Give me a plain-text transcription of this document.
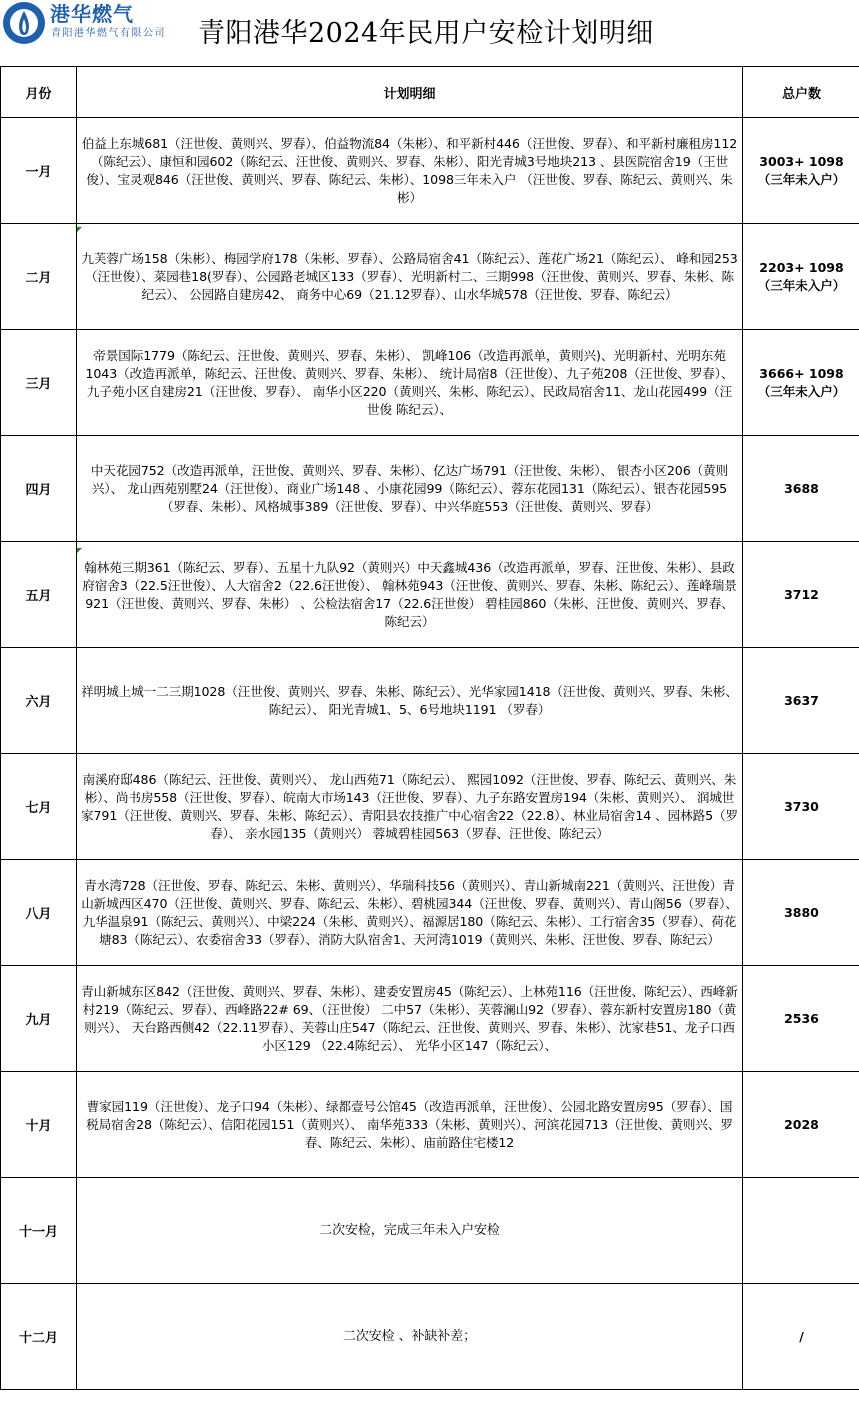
港华燃气
青阳港华燃气有限公司 青阳港华2024年民用户安检计划明细
月份	计划明细	总户数
一月	伯益上东城681（汪世俊、黄则兴、罗春）、伯益物流84（朱彬）、和平新村446（汪世俊、罗春）、和平新村廉租房112（陈纪云）、康恒和园602（陈纪云、汪世俊、黄则兴、罗春、朱彬）、阳光青城3号地块213 、县医院宿舍19（王世俊）、宝灵观846（汪世俊、黄则兴、罗春、陈纪云、朱彬）、1098三年未入户 （汪世俊、罗春、陈纪云、黄则兴、朱彬）	3003+ 1098（三年未入户）
二月	九芙蓉广场158（朱彬）、梅园学府178（朱彬、罗春）、公路局宿舍41（陈纪云）、莲花广场21（陈纪云）、 峰和园253（汪世俊）、菜园巷18(罗春）、公园路老城区133（罗春）、光明新村二、三期998（汪世俊、黄则兴、罗春、朱彬、陈纪云）、 公园路自建房42、 商务中心69（21.12罗春）、山水华城578（汪世俊、罗春、陈纪云）	2203+ 1098（三年未入户）
三月	帝景国际1779（陈纪云、汪世俊、黄则兴、罗春、朱彬）、 凯峰106（改造再派单，黄则兴)、光明新村、光明东苑1043（改造再派单，陈纪云、汪世俊、黄则兴、罗春、朱彬）、 统计局宿8（汪世俊）、九子苑208（汪世俊、罗春）、九子苑小区自建房21（汪世俊、罗春）、 南华小区220（黄则兴、朱彬、陈纪云）、民政局宿舍11、龙山花园499（汪世俊 陈纪云）、	3666+ 1098（三年未入户）
四月	中天花园752（改造再派单，汪世俊、黄则兴、罗春、朱彬）、亿达广场791（汪世俊、朱彬）、 银杏小区206（黄则兴）、 龙山西苑别墅24（汪世俊）、商业广场148 、小康花园99（陈纪云）、蓉东花园131（陈纪云）、银杏花园595（罗春、朱彬）、风格城事389（汪世俊、罗春）、中兴华庭553（汪世俊、黄则兴、罗春）	3688
五月	翰林苑三期361（陈纪云、罗春）、五星十九队92（黄则兴）中天鑫城436（改造再派单，罗春、汪世俊、朱彬）、县政府宿舍3（22.5汪世俊）、人大宿舍2（22.6汪世俊）、 翰林苑943（汪世俊、黄则兴、罗春、朱彬、陈纪云）、莲峰瑞景921（汪世俊、黄则兴、罗春、朱彬） 、公检法宿舍17（22.6汪世俊） 碧桂园860（朱彬、汪世俊、黄则兴、罗春、陈纪云）	3712
六月	祥明城上城一二三期1028（汪世俊、黄则兴、罗春、朱彬、陈纪云）、光华家园1418（汪世俊、黄则兴、罗春、朱彬、陈纪云）、 阳光青城1、5、6号地块1191 （罗春）	3637
七月	南溪府邸486（陈纪云、汪世俊、黄则兴）、 龙山西苑71（陈纪云）、 熙园1092（汪世俊、罗春、陈纪云、黄则兴、朱彬）、尚书房558（汪世俊、罗春）、皖南大市场143（汪世俊、罗春）、九子东路安置房194（朱彬、黄则兴）、 润城世家791（汪世俊、黄则兴、罗春、朱彬、陈纪云）、青阳县农技推广中心宿舍22（22.8）、林业局宿舍14 、园林路5（罗春）、 亲水园135（黄则兴） 蓉城碧桂园563（罗春、汪世俊、陈纪云）	3730
八月	青水湾728（汪世俊、罗春、陈纪云、朱彬、黄则兴）、华瑞科技56（黄则兴）、青山新城南221（黄则兴、汪世俊）青山新城西区470（汪世俊、黄则兴、罗春、陈纪云、朱彬）、碧桃园344（汪世俊、罗春、黄则兴）、青山阁56（罗春）、九华温泉91（陈纪云、黄则兴）、中梁224（朱彬、黄则兴）、福源居180（陈纪云、朱彬）、工行宿舍35（罗春）、荷花塘83（陈纪云）、农委宿舍33（罗春）、消防大队宿舍1、天河湾1019（黄则兴、朱彬、汪世俊、罗春、陈纪云）	3880
九月	青山新城东区842（汪世俊、黄则兴、罗春、朱彬）、建委安置房45（陈纪云）、上林苑116（汪世俊、陈纪云）、西峰新村219（陈纪云、罗春）、西峰路22# 69、（汪世俊） 二中57（朱彬）、芙蓉澜山92（罗春）、蓉东新村安置房180（黄则兴）、 天台路西侧42（22.11罗春）、芙蓉山庄547（陈纪云、汪世俊、黄则兴、罗春、朱彬）、沈家巷51、龙子口西小区129 （22.4陈纪云）、 光华小区147（陈纪云）、	2536
十月	曹家园119（汪世俊）、龙子口94（朱彬）、绿都壹号公馆45（改造再派单，汪世俊）、公园北路安置房95（罗春）、国税局宿舍28（陈纪云）、信阳花园151（黄则兴）、 南华苑333（朱彬、黄则兴）、河滨花园713（汪世俊、黄则兴、罗春、陈纪云、朱彬）、庙前路住宅楼12	2028
十一月	二次安检，完成三年未入户安检	
十二月	二次安检 、补缺补差；	/
